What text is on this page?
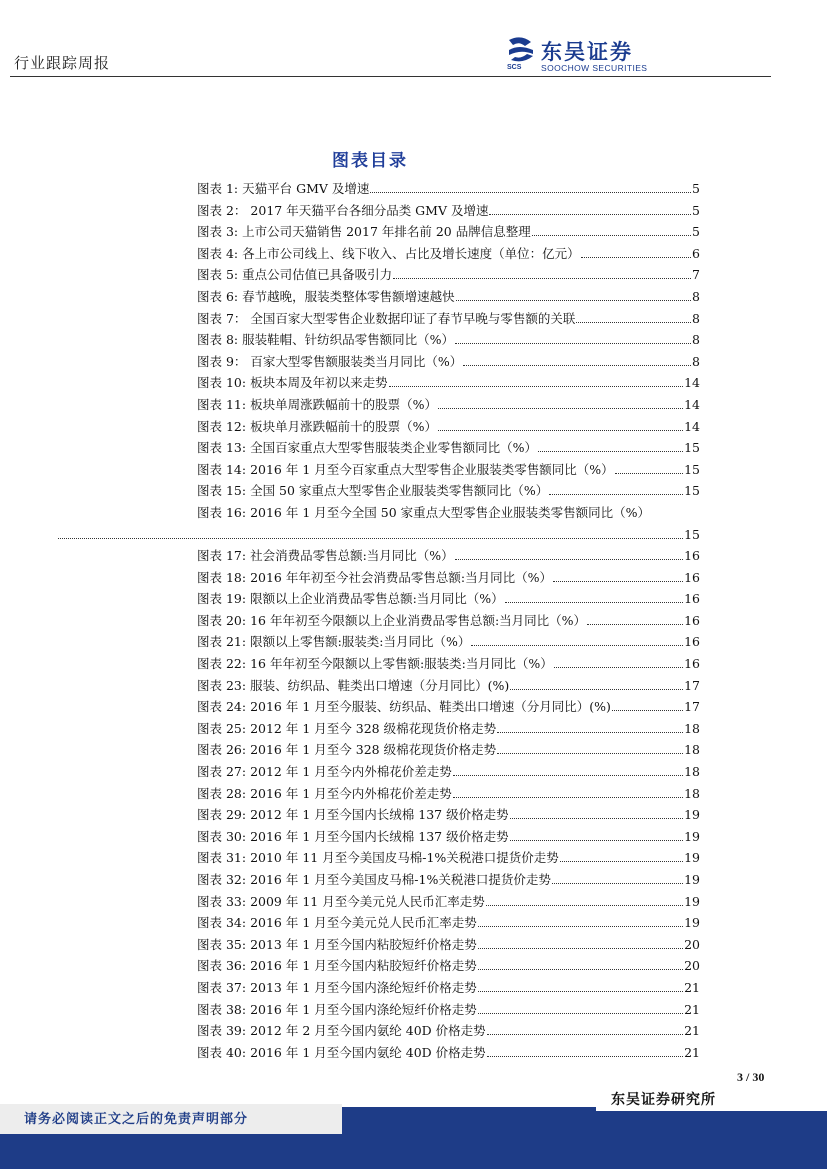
行业跟踪周报	SCS
东吴证券
SOOCHOW SECURITIES
图表目录
图表 1:
天猫平台 GMV 及增速	5
图表 2：
2017 年天猫平台各细分品类 GMV 及增速	5
图表 3:
上市公司天猫销售 2017 年排名前 20 品牌信息整理	5
图表 4:
各上市公司线上、线下收入、占比及增长速度（单位：亿元）	6
图表 5:
重点公司估值已具备吸引力	7
图表 6:
春节越晚，服装类整体零售额增速越快	8
图表 7：
全国百家大型零售企业数据印证了春节早晚与零售额的关联	8
图表 8:
服装鞋帽、针纺织品零售额同比（%）	8
图表 9：
百家大型零售额服装类当月同比（%）	8
图表 10:
板块本周及年初以来走势	14
图表 11:
板块单周涨跌幅前十的股票（%）	14
图表 12:
板块单月涨跌幅前十的股票（%）	14
图表 13:
全国百家重点大型零售服装类企业零售额同比（%）	15
图表 14:
2016 年 1 月至今百家重点大型零售企业服装类零售额同比（%）	15
图表 15:
全国 50 家重点大型零售企业服装类零售额同比（%）	15
图表 16: 2016 年 1 月至今全国 50 家重点大型零售企业服装类零售额同比（%）
15
图表 17:
社会消费品零售总额:当月同比（%）	16
图表 18:
2016 年年初至今社会消费品零售总额:当月同比（%）	16
图表 19:
限额以上企业消费品零售总额:当月同比（%）	16
图表 20:
16 年年初至今限额以上企业消费品零售总额:当月同比（%）	16
图表 21:
限额以上零售额:服装类:当月同比（%）	16
图表 22:
16 年年初至今限额以上零售额:服装类:当月同比（%）	16
图表 23:
服装、纺织品、鞋类出口增速（分月同比）(%)	17
图表 24:
2016 年 1 月至今服装、纺织品、鞋类出口增速（分月同比）(%)	17
图表 25:
2012 年 1 月至今 328 级棉花现货价格走势	18
图表 26:
2016 年 1 月至今 328 级棉花现货价格走势	18
图表 27:
2012 年 1 月至今内外棉花价差走势	18
图表 28:
2016 年 1 月至今内外棉花价差走势	18
图表 29:
2012 年 1 月至今国内长绒棉 137 级价格走势	19
图表 30:
2016 年 1 月至今国内长绒棉 137 级价格走势	19
图表 31:
2010 年 11 月至今美国皮马棉-1%关税港口提货价走势	19
图表 32:
2016 年 1 月至今美国皮马棉-1%关税港口提货价走势	19
图表 33:
2009 年 11 月至今美元兑人民币汇率走势	19
图表 34:
2016 年 1 月至今美元兑人民币汇率走势	19
图表 35:
2013 年 1 月至今国内粘胶短纤价格走势	20
图表 36:
2016 年 1 月至今国内粘胶短纤价格走势	20
图表 37:
2013 年 1 月至今国内涤纶短纤价格走势	21
图表 38:
2016 年 1 月至今国内涤纶短纤价格走势	21
图表 39:
2012 年 2 月至今国内氨纶 40D 价格走势	21
图表 40:
2016 年 1 月至今国内氨纶 40D 价格走势	21
3 / 30
请务必阅读正文之后的免责声明部分
东吴证券研究所
